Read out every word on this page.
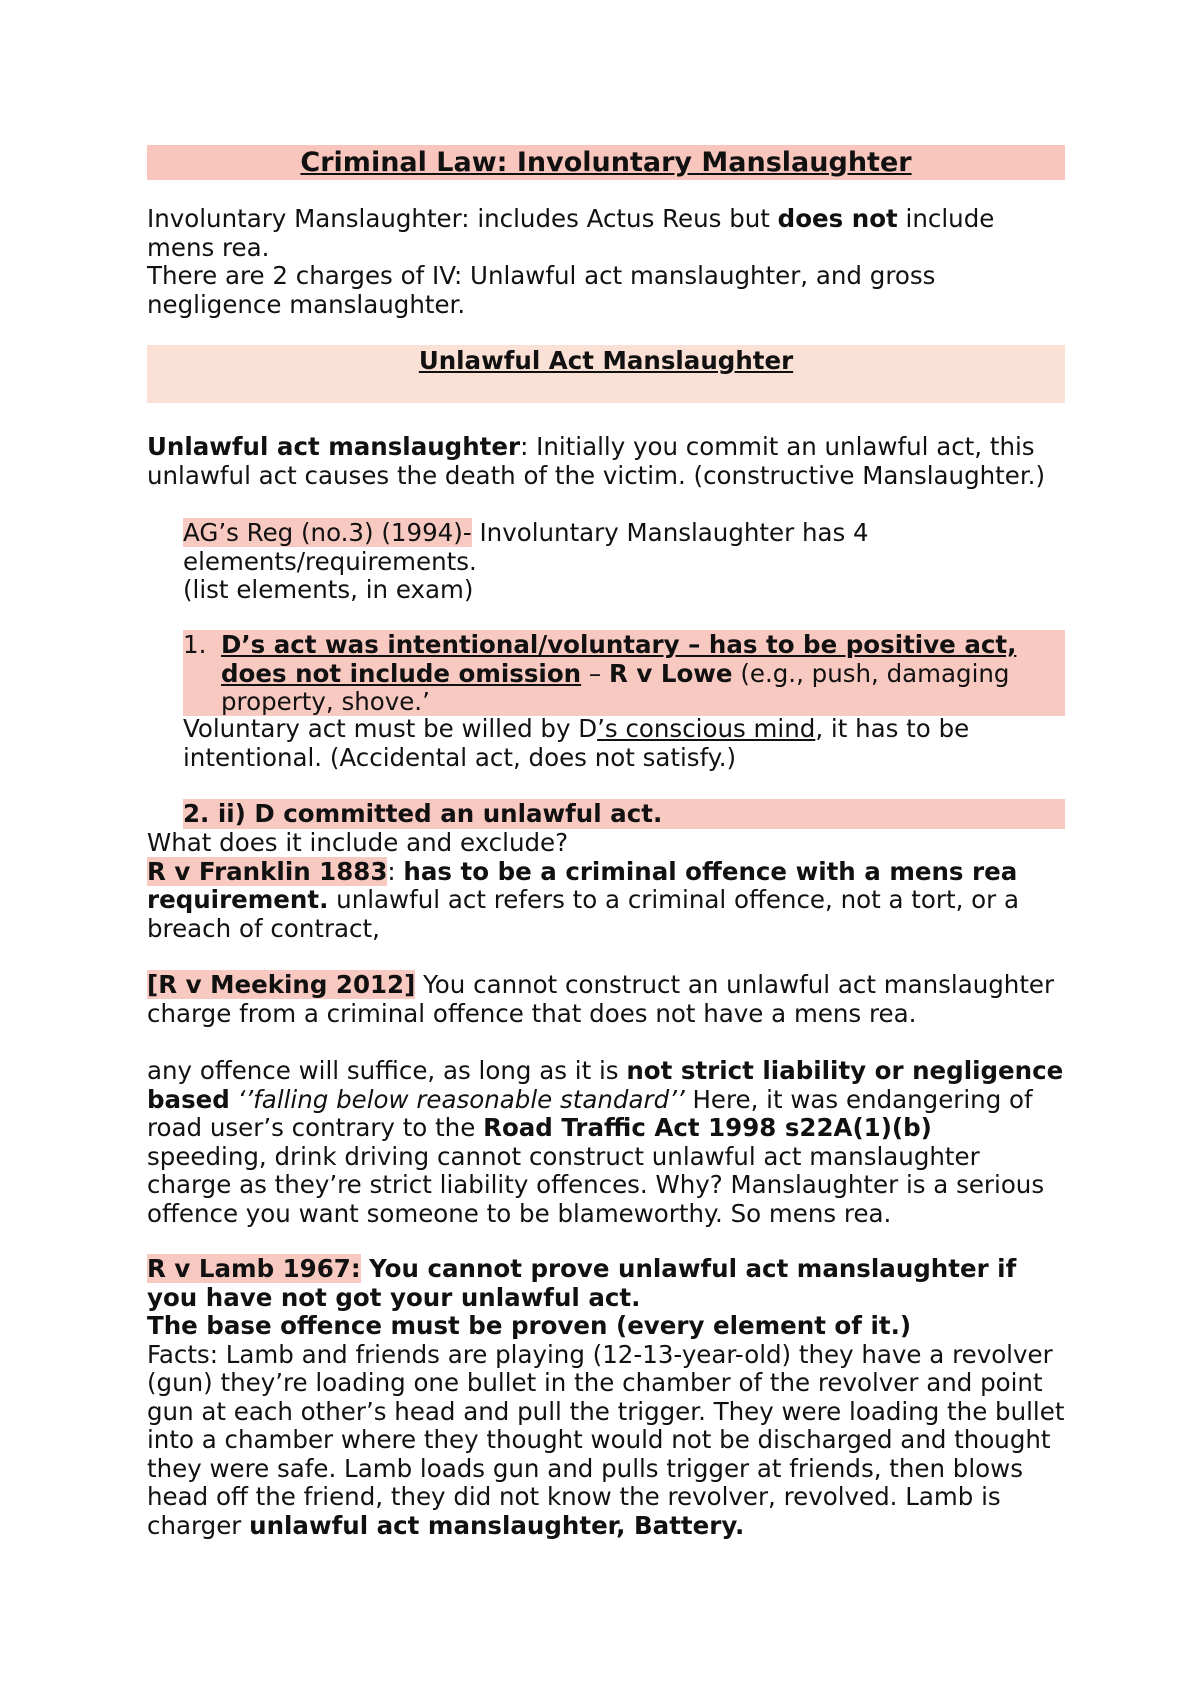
Criminal Law: Involuntary Manslaughter
Involuntary Manslaughter: includes Actus Reus but does not include
mens rea.
There are 2 charges of IV: Unlawful act manslaughter, and gross
negligence manslaughter.
Unlawful Act Manslaughter
Unlawful act manslaughter: Initially you commit an unlawful act, this
unlawful act causes the death of the victim. (constructive Manslaughter.)
AG’s Reg (no.3) (1994)- Involuntary Manslaughter has 4
elements/requirements.
(list elements, in exam)
1. D’s act was intentional/voluntary – has to be positive act,
does not include omission – R v Lowe (e.g., push, damaging
property, shove.’
Voluntary act must be willed by D’s conscious mind, it has to be
intentional. (Accidental act, does not satisfy.)
2. ii) D committed an unlawful act.
What does it include and exclude?
R v Franklin 1883: has to be a criminal offence with a mens rea
requirement. unlawful act refers to a criminal offence, not a tort, or a
breach of contract,
[R v Meeking 2012] You cannot construct an unlawful act manslaughter
charge from a criminal offence that does not have a mens rea.
any offence will suffice, as long as it is not strict liability or negligence
based ‘’falling below reasonable standard’’ Here, it was endangering of
road user’s contrary to the Road Traffic Act 1998 s22A(1)(b)
speeding, drink driving cannot construct unlawful act manslaughter
charge as they’re strict liability offences. Why? Manslaughter is a serious
offence you want someone to be blameworthy. So mens rea.
R v Lamb 1967: You cannot prove unlawful act manslaughter if
you have not got your unlawful act.
The base offence must be proven (every element of it.)
Facts: Lamb and friends are playing (12-13-year-old) they have a revolver
(gun) they’re loading one bullet in the chamber of the revolver and point
gun at each other’s head and pull the trigger. They were loading the bullet
into a chamber where they thought would not be discharged and thought
they were safe. Lamb loads gun and pulls trigger at friends, then blows
head off the friend, they did not know the revolver, revolved. Lamb is
charger unlawful act manslaughter, Battery.
